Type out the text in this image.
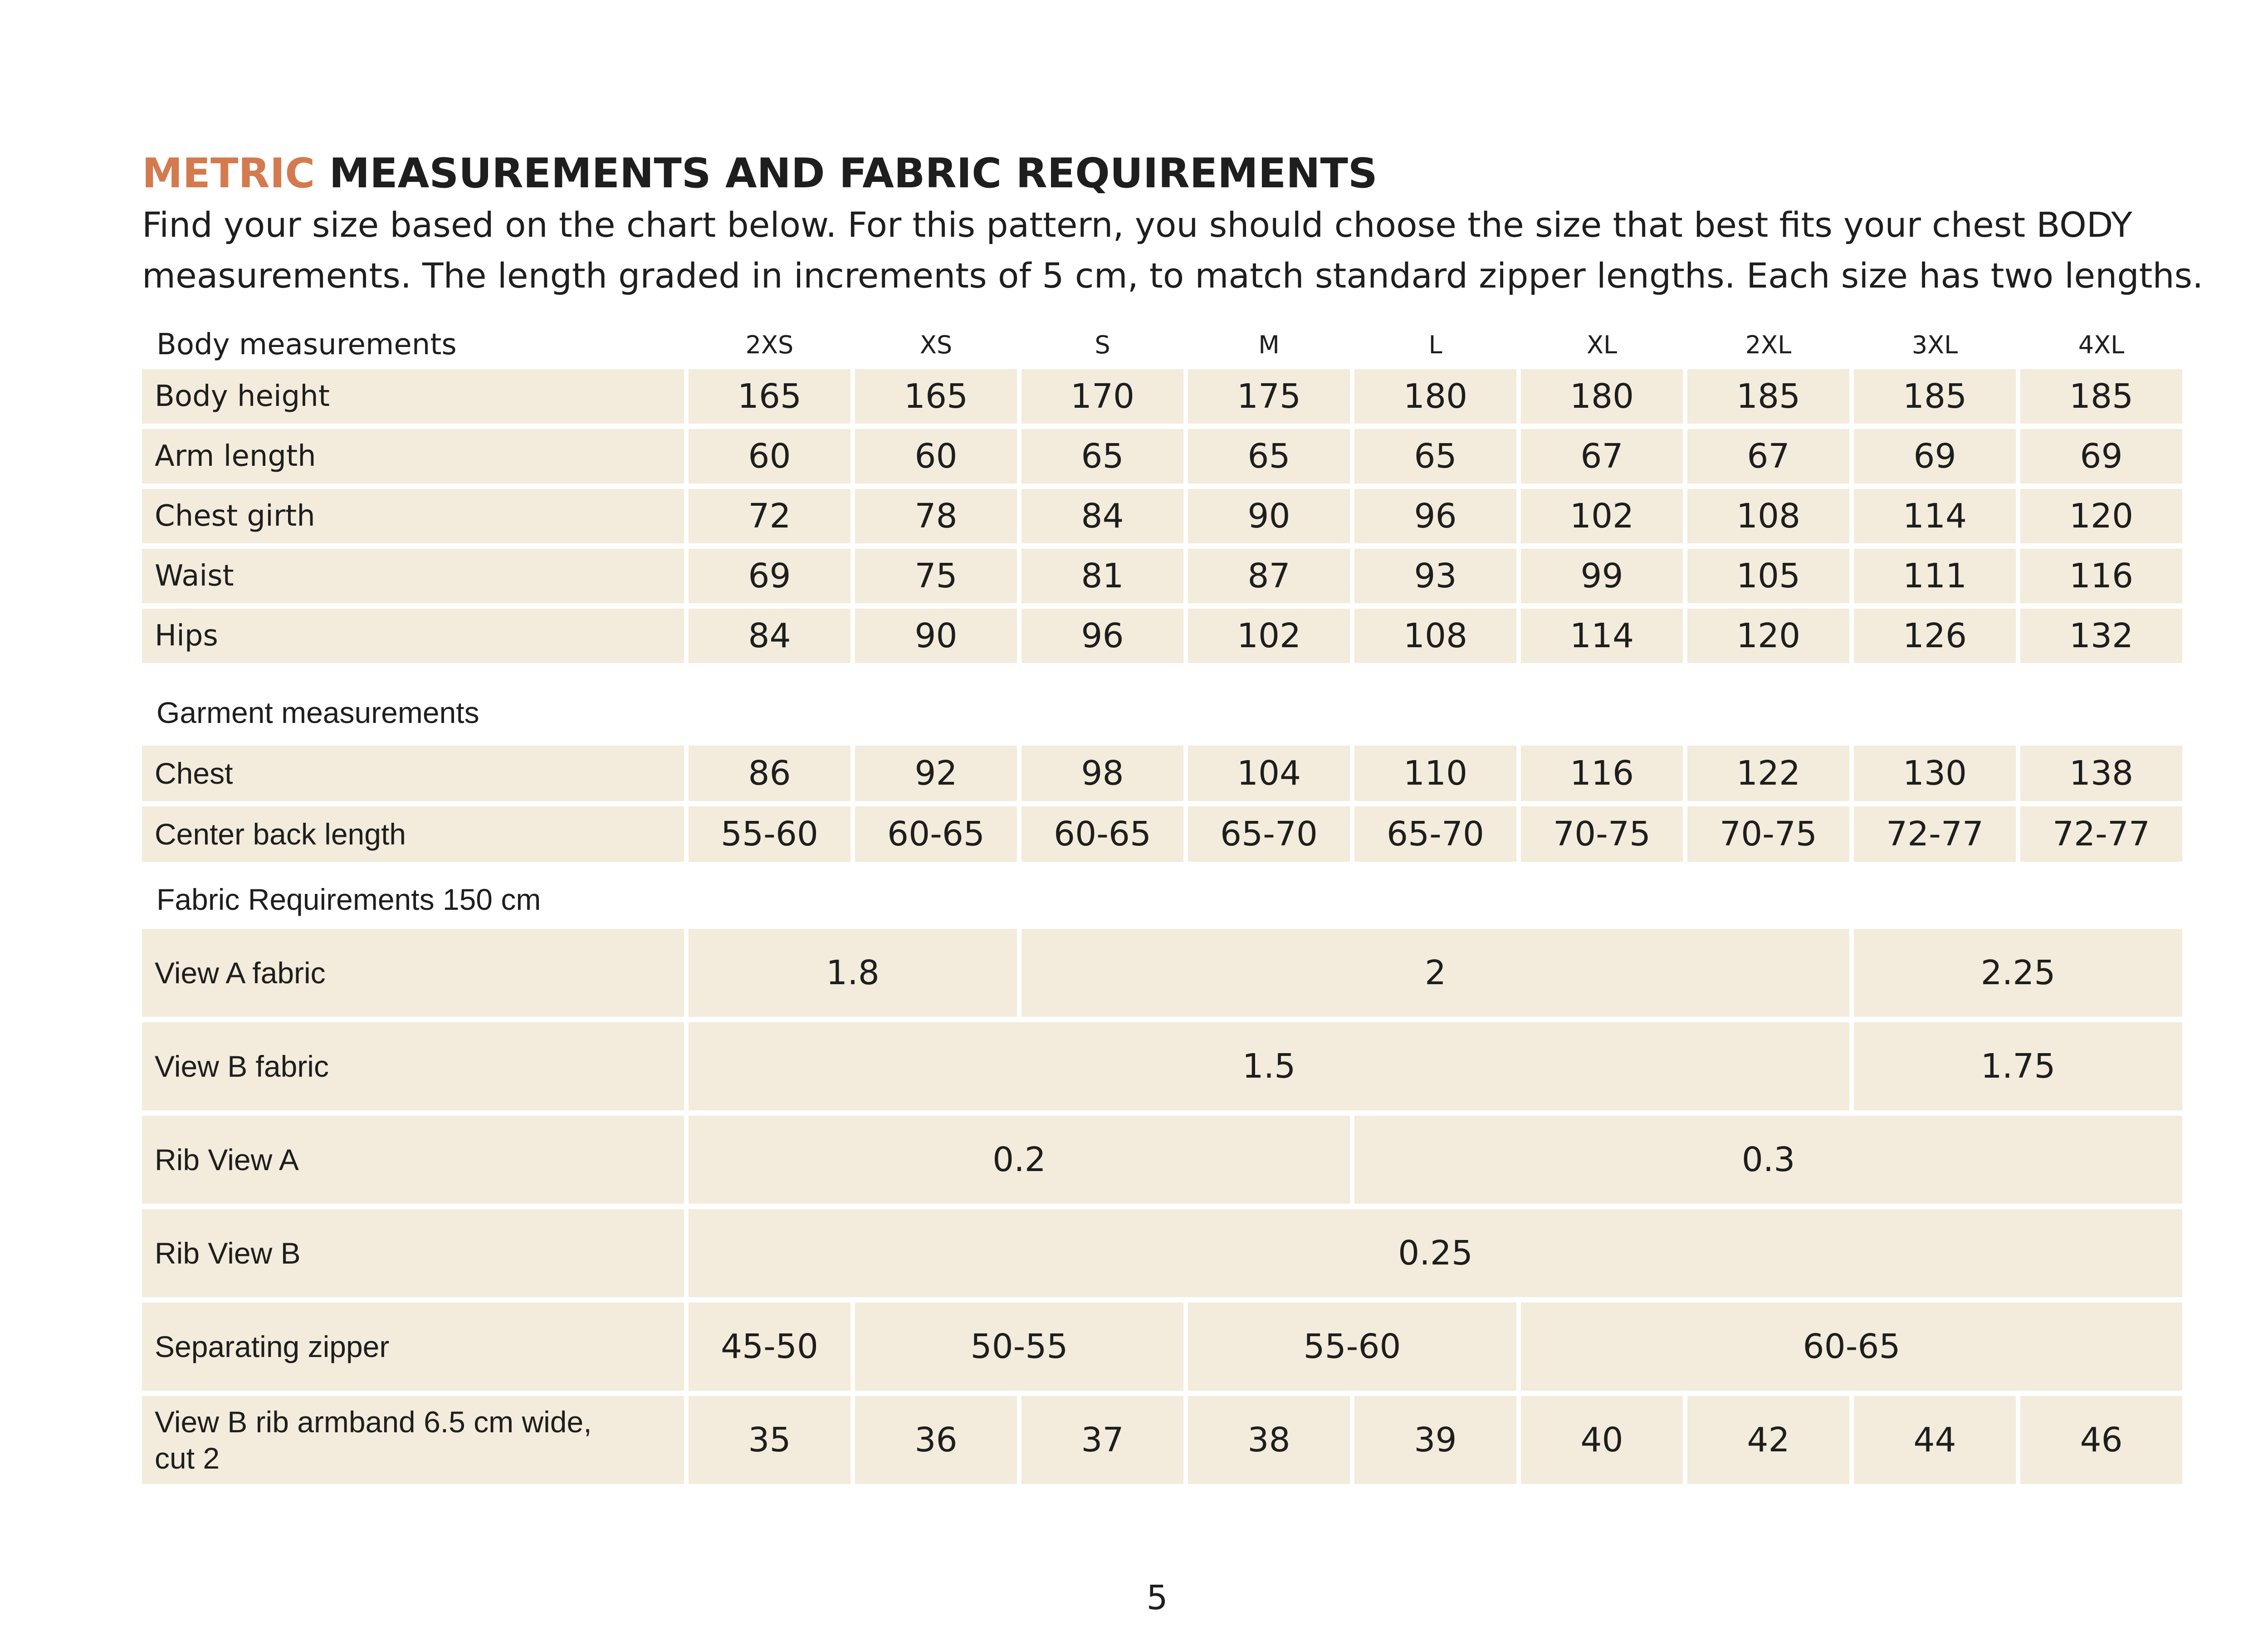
METRIC MEASUREMENTS AND FABRIC REQUIREMENTS

Find your size based on the chart below. For this pattern, you should choose the size that best fits your chest BODY measurements. The length graded in increments of 5 cm, to match standard zipper lengths. Each size has two lengths.

Body measurements	2XS	XS	S	M	L	XL	2XL	3XL	4XL
Body height	165	165	170	175	180	180	185	185	185
Arm length	60	60	65	65	65	67	67	69	69
Chest girth	72	78	84	90	96	102	108	114	120
Waist	69	75	81	87	93	99	105	111	116
Hips	84	90	96	102	108	114	120	126	132
Garment measurements									
Chest	86	92	98	104	110	116	122	130	138
Center back length	55-60	60-65	60-65	65-70	65-70	70-75	70-75	72-77	72-77
Fabric Requirements 150 cm									
View A fabric	1.8		2					2.25	
View B fabric	1.5							1.75	
Rib View A	0.2				0.3				
Rib View B	0.25								
Separating zipper	45-50	50-55		55-60		60-65			
View B rib armband 6.5 cm wide,
cut 2	35	36	37	38	39	40	42	44	46
5
